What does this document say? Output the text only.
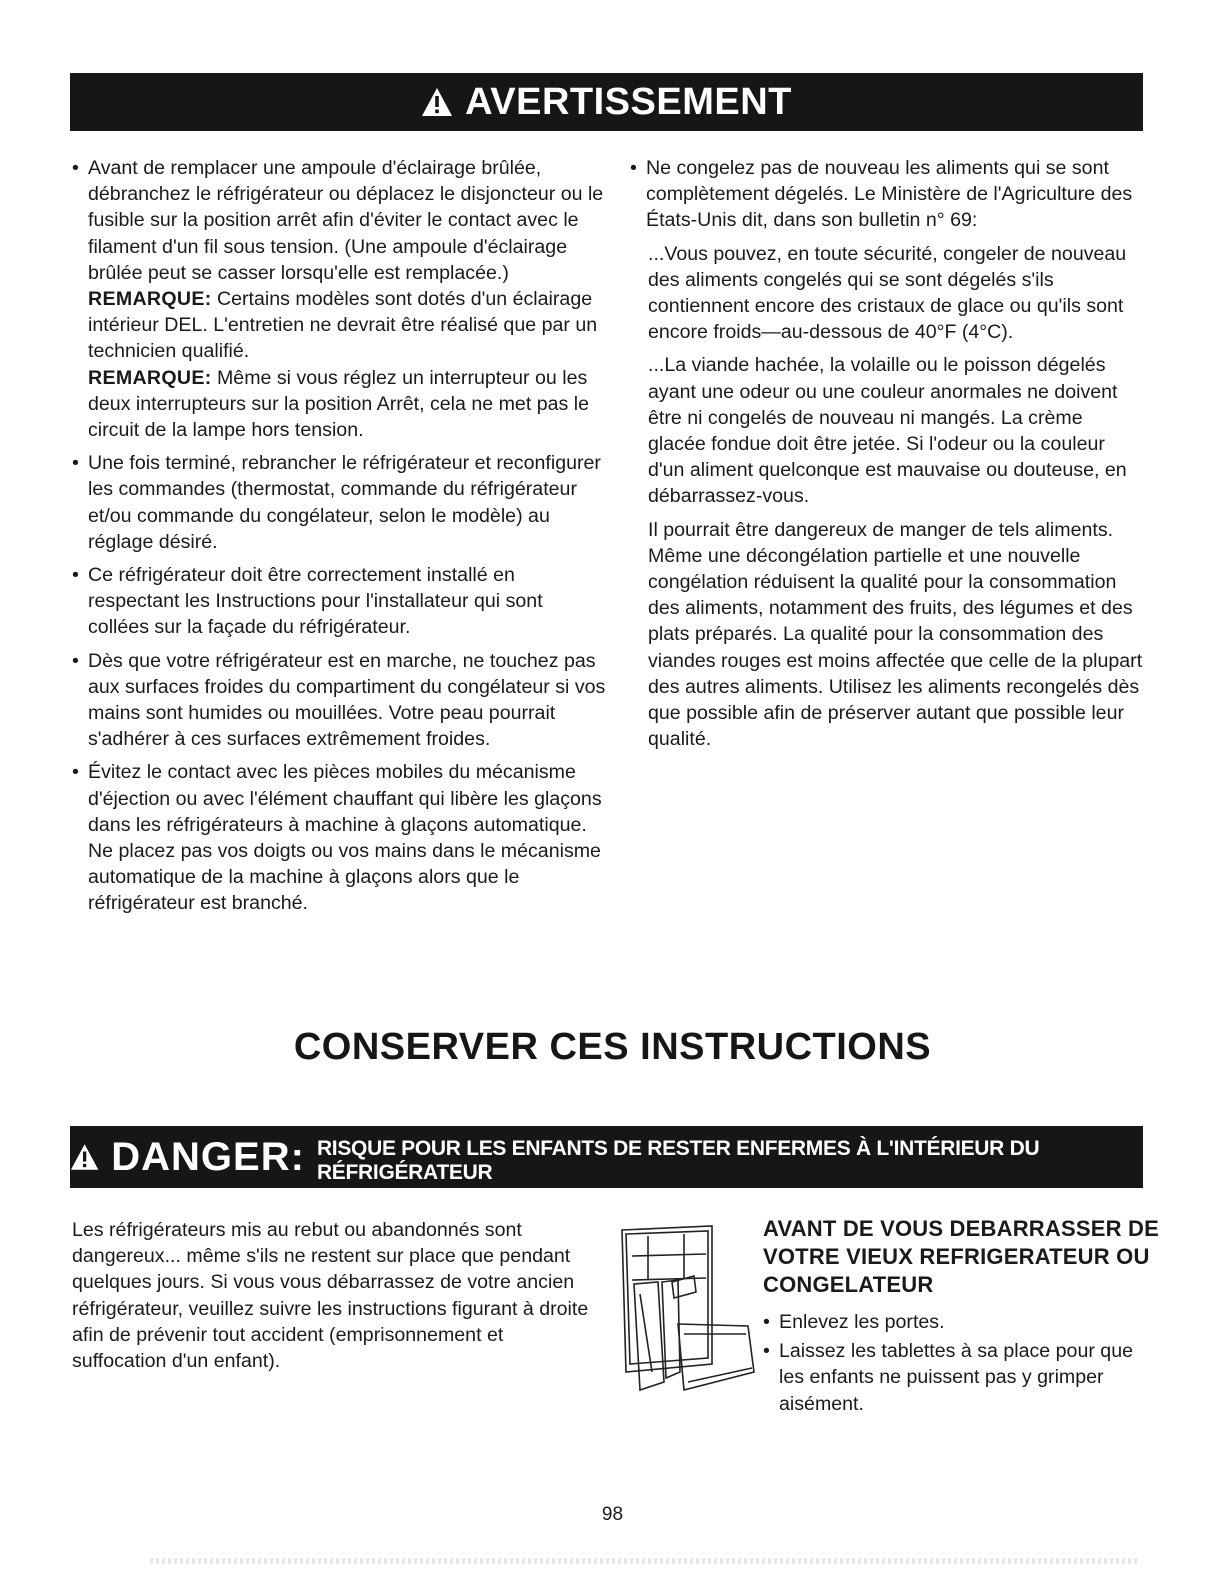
AVERTISSEMENT
• Avant de remplacer une ampoule d'éclairage brûlée, débranchez le réfrigérateur ou déplacez le disjoncteur ou le fusible sur la position arrêt afin d'éviter le contact avec le filament d'un fil sous tension. (Une ampoule d'éclairage brûlée peut se casser lorsqu'elle est remplacée.)
REMARQUE: Certains modèles sont dotés d'un éclairage intérieur DEL. L'entretien ne devrait être réalisé que par un technicien qualifié.
REMARQUE: Même si vous réglez un interrupteur ou les deux interrupteurs sur la position Arrêt, cela ne met pas le circuit de la lampe hors tension.
• Une fois terminé, rebrancher le réfrigérateur et reconfigurer les commandes (thermostat, commande du réfrigérateur et/ou commande du congélateur, selon le modèle) au réglage désiré.
• Ce réfrigérateur doit être correctement installé en respectant les Instructions pour l'installateur qui sont collées sur la façade du réfrigérateur.
• Dès que votre réfrigérateur est en marche, ne touchez pas aux surfaces froides du compartiment du congélateur si vos mains sont humides ou mouillées. Votre peau pourrait s'adhérer à ces surfaces extrêmement froides.
• Évitez le contact avec les pièces mobiles du mécanisme d'éjection ou avec l'élément chauffant qui libère les glaçons dans les réfrigérateurs à machine à glaçons automatique. Ne placez pas vos doigts ou vos mains dans le mécanisme automatique de la machine à glaçons alors que le réfrigérateur est branché.
• Ne congelez pas de nouveau les aliments qui se sont complètement dégelés. Le Ministère de l'Agriculture des États-Unis dit, dans son bulletin n° 69:
...Vous pouvez, en toute sécurité, congeler de nouveau des aliments congelés qui se sont dégelés s'ils contiennent encore des cristaux de glace ou qu'ils sont encore froids—au-dessous de 40°F (4°C).
...La viande hachée, la volaille ou le poisson dégelés ayant une odeur ou une couleur anormales ne doivent être ni congelés de nouveau ni mangés. La crème glacée fondue doit être jetée. Si l'odeur ou la couleur d'un aliment quelconque est mauvaise ou douteuse, en débarrassez-vous.
Il pourrait être dangereux de manger de tels aliments. Même une décongélation partielle et une nouvelle congélation réduisent la qualité pour la consommation des aliments, notamment des fruits, des légumes et des plats préparés. La qualité pour la consommation des viandes rouges est moins affectée que celle de la plupart des autres aliments. Utilisez les aliments recongelés dès que possible afin de préserver autant que possible leur qualité.
CONSERVER CES INSTRUCTIONS
DANGER: RISQUE POUR LES ENFANTS DE RESTER ENFERMES À L'INTÉRIEUR DU RÉFRIGÉRATEUR
Les réfrigérateurs mis au rebut ou abandonnés sont dangereux... même s'ils ne restent sur place que pendant quelques jours. Si vous vous débarrassez de votre ancien réfrigérateur, veuillez suivre les instructions figurant à droite afin de prévenir tout accident (emprisonnement et suffocation d'un enfant).
AVANT DE VOUS DEBARRASSER DE VOTRE VIEUX REFRIGERATEUR OU CONGELATEUR
• Enlevez les portes.
• Laissez les tablettes à sa place pour que les enfants ne puissent pas y grimper aisément.
98
